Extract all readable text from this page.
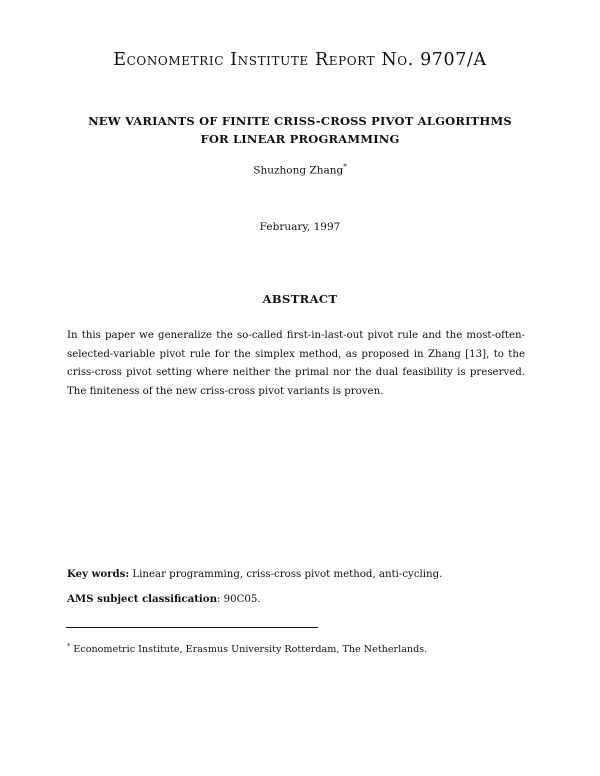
Econometric Institute Report No. 9707/A
NEW VARIANTS OF FINITE CRISS-CROSS PIVOT ALGORITHMS
FOR LINEAR PROGRAMMING
Shuzhong Zhang*
February, 1997
ABSTRACT
In this paper we generalize the so-called first-in-last-out pivot rule and the most-often-selected-variable pivot rule for the simplex method, as proposed in Zhang [13], to the criss-cross pivot setting where neither the primal nor the dual feasibility is preserved. The finiteness of the new criss-cross pivot variants is proven.
Key words: Linear programming, criss-cross pivot method, anti-cycling.
AMS subject classification: 90C05.
* Econometric Institute, Erasmus University Rotterdam, The Netherlands.
